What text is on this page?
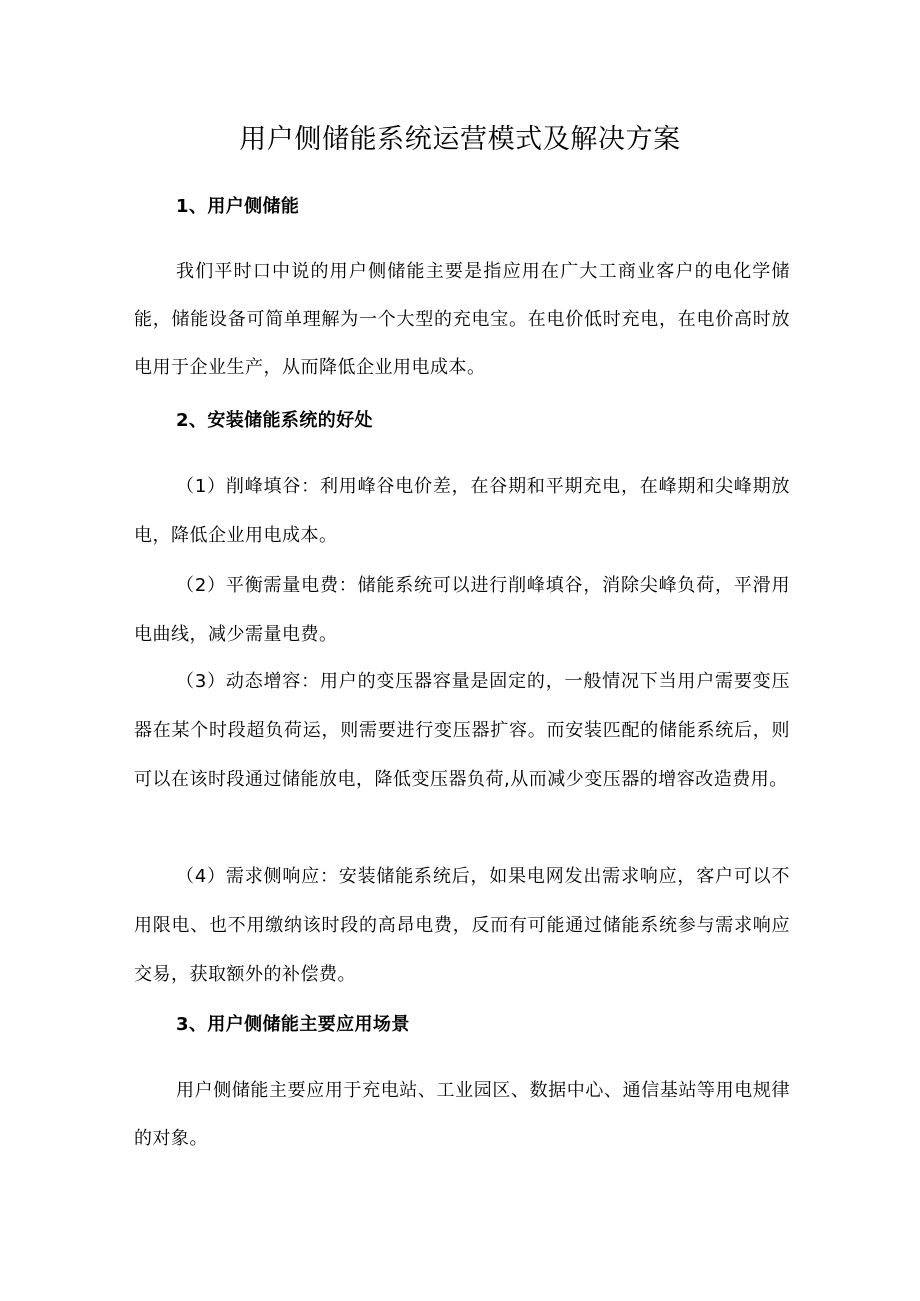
用户侧储能系统运营模式及解决方案
1、用户侧储能

我们平时口中说的用户侧储能主要是指应用在广大工商业客户的电化学储能，储能设备可简单理解为一个大型的充电宝。在电价低时充电，在电价高时放电用于企业生产，从而降低企业用电成本。

2、安装储能系统的好处

（1）削峰填谷：利用峰谷电价差，在谷期和平期充电，在峰期和尖峰期放电，降低企业用电成本。

（2）平衡需量电费：储能系统可以进行削峰填谷，消除尖峰负荷，平滑用电曲线，减少需量电费。

（3）动态增容：用户的变压器容量是固定的，一般情况下当用户需要变压器在某个时段超负荷运，则需要进行变压器扩容。而安装匹配的储能系统后，则可以在该时段通过储能放电，降低变压器负荷,从而减少变压器的增容改造费用。

（4）需求侧响应：安装储能系统后，如果电网发出需求响应，客户可以不用限电、也不用缴纳该时段的高昂电费，反而有可能通过储能系统参与需求响应交易，获取额外的补偿费。

3、用户侧储能主要应用场景

用户侧储能主要应用于充电站、工业园区、数据中心、通信基站等用电规律的对象。
